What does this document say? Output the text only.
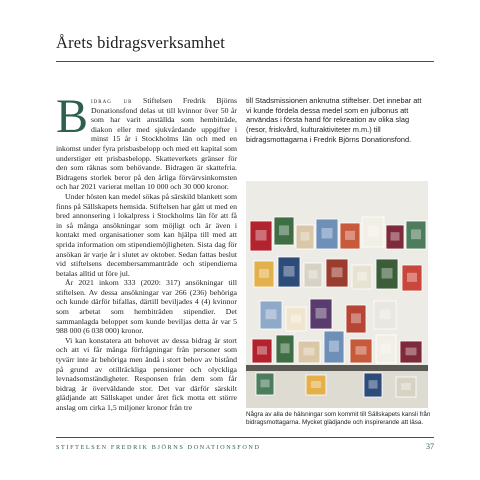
Årets bidragsverksamhet

Bidrag ur Stiftelsen Fredrik Björns Donationsfond delas ut till kvinnor över 50 år som har varit anställda som hembiträde, diakon eller med sjukvårdande uppgifter i minst 15 år i Stockholms län och med en inkomst under fyra prisbasbelopp och med ett kapital som understiger ett prisbasbelopp. Skatteverkets gränser för den som räknas som behövande. Bidragen är skattefria. Bidragens storlek beror på den årliga förvärvsinkomsten och har 2021 varierat mellan 10 000 och 30 000 kronor.

Under hösten kan medel sökas på särskild blankett som finns på Sällskapets hemsida. Stiftelsen har gått ut med en bred annonsering i lokalpress i Stockholms län för att få in så många ansökningar som möjligt och är även i kontakt med organisationer som kan hjälpa till med att sprida information om stipendiemöjligheten. Sista dag för ansökan är varje år i slutet av oktober. Sedan fattas beslut vid stiftelsens decembersammanträde och stipendierna betalas alltid ut före jul.

År 2021 inkom 333 (2020: 317) ansökningar till stiftelsen. Av dessa ansökningar var 266 (236) behöriga och kunde därför bifallas, därtill beviljades 4 (4) kvinnor som arbetat som hembiträden stipendier. Det sammanlagda beloppet som kunde beviljas detta år var 5 988 000 (6 038 000) kronor.

Vi kan konstatera att behovet av dessa bidrag är stort och att vi får många förfrågningar från personer som tyvärr inte är behöriga men ändå i stort behov av bistånd på grund av otillräckliga pensioner och olyckliga levnadsomständigheter. Responsen från dem som får bidrag är överväldande stor. Det var därför särskilt glädjande att Sällskapet under året fick motta ett större anslag om cirka 1,5 miljoner kronor från tre

till Stadsmissionen anknutna stiftelser. Det innebar att vi kunde fördela dessa medel som en julbonus att användas i första hand för rekreation av olika slag (resor, friskvård, kulturaktiviteter m.m.) till bidragsmottagarna i Fredrik Björns Donationsfond.
Några av alla de hälsningar som kommit till Sällskapets kansli från bidragsmottagarna. Mycket glädjande och inspirerande att läsa.
STIFTELSEN FREDRIK BJÖRNS DONATIONSFOND	37
